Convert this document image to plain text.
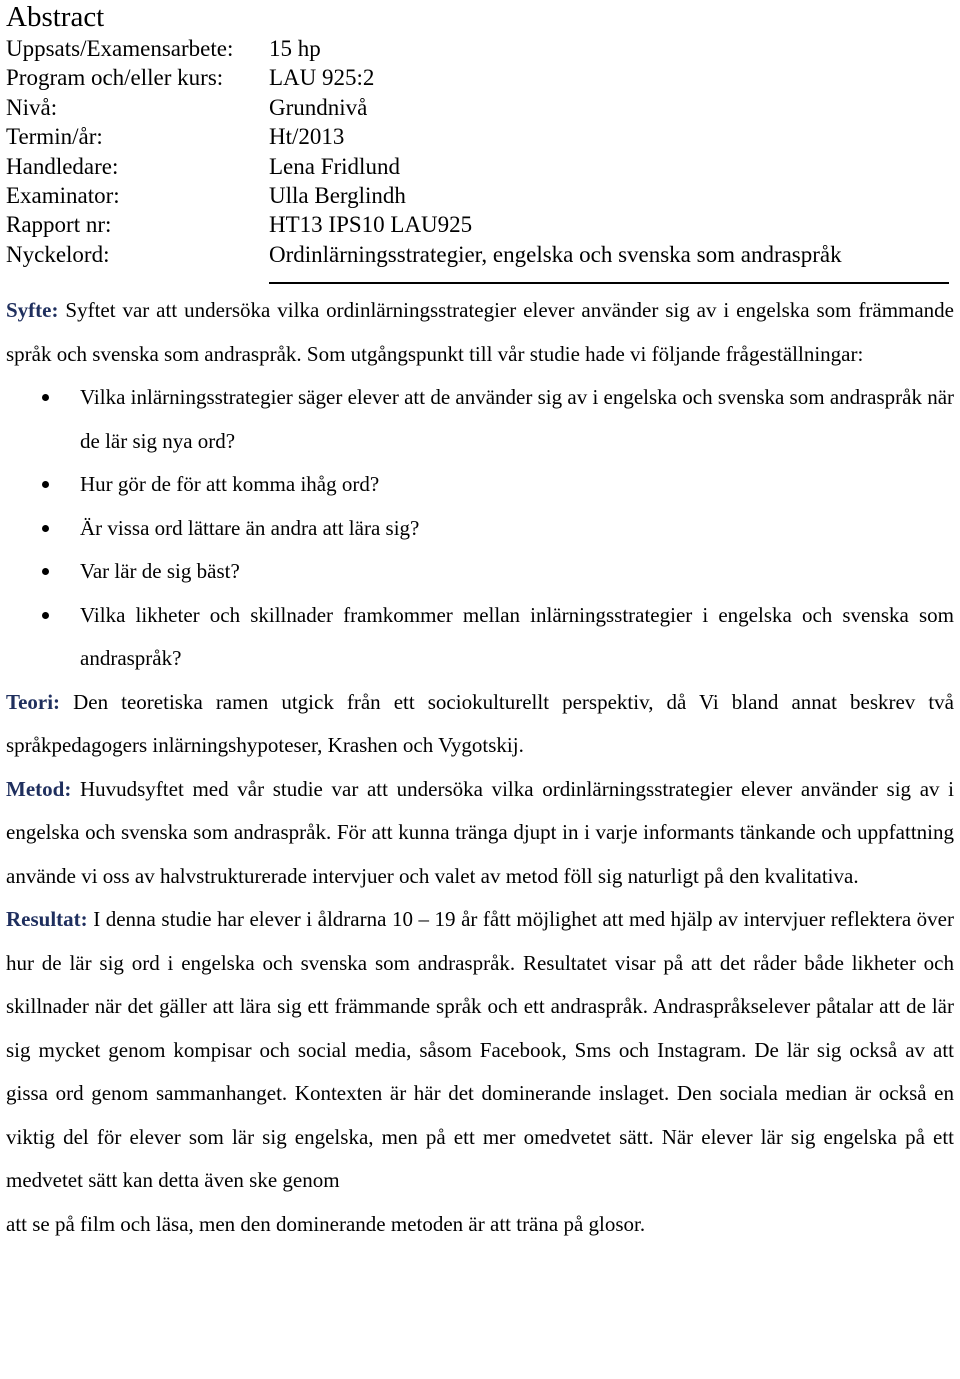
Abstract
Uppsats/Examensarbete: 15 hp
Program och/eller kurs: LAU 925:2
Nivå:	Grundnivå
Termin/år:	Ht/2013
Handledare:	Lena Fridlund
Examinator:	Ulla Berglindh
Rapport nr:	HT13 IPS10 LAU925
Nyckelord:	Ordinlärningsstrategier, engelska och svenska som andraspråk

Syfte: Syftet var att undersöka vilka ordinlärningsstrategier elever använder sig av i engelska som främmande språk och svenska som andraspråk. Som utgångspunkt till vår studie hade vi följande frågeställningar:

Vilka inlärningsstrategier säger elever att de använder sig av i engelska och svenska som andraspråk när de lär sig nya ord?
Hur gör de för att komma ihåg ord?
Är vissa ord lättare än andra att lära sig?
Var lär de sig bäst?
Vilka likheter och skillnader framkommer mellan inlärningsstrategier i engelska och svenska som andraspråk?

Teori: Den teoretiska ramen utgick från ett sociokulturellt perspektiv, då Vi bland annat beskrev två språkpedagogers inlärningshypoteser, Krashen och Vygotskij.

Metod: Huvudsyftet med vår studie var att undersöka vilka ordinlärningsstrategier elever använder sig av i engelska och svenska som andraspråk. För att kunna tränga djupt in i varje informants tänkande och uppfattning använde vi oss av halvstrukturerade intervjuer och valet av metod föll sig naturligt på den kvalitativa.

Resultat: I denna studie har elever i åldrarna 10 – 19 år fått möjlighet att med hjälp av intervjuer reflektera över hur de lär sig ord i engelska och svenska som andraspråk. Resultatet visar på att det råder både likheter och skillnader när det gäller att lära sig ett främmande språk och ett andraspråk. Andraspråkselever påtalar att de lär sig mycket genom kompisar och social media, såsom Facebook, Sms och Instagram. De lär sig också av att gissa ord genom sammanhanget. Kontexten är här det dominerande inslaget. Den sociala median är också en viktig del för elever som lär sig engelska, men på ett mer omedvetet sätt. När elever lär sig engelska på ett medvetet sätt kan detta även ske genom

att se på film och läsa, men den dominerande metoden är att träna på glosor.
